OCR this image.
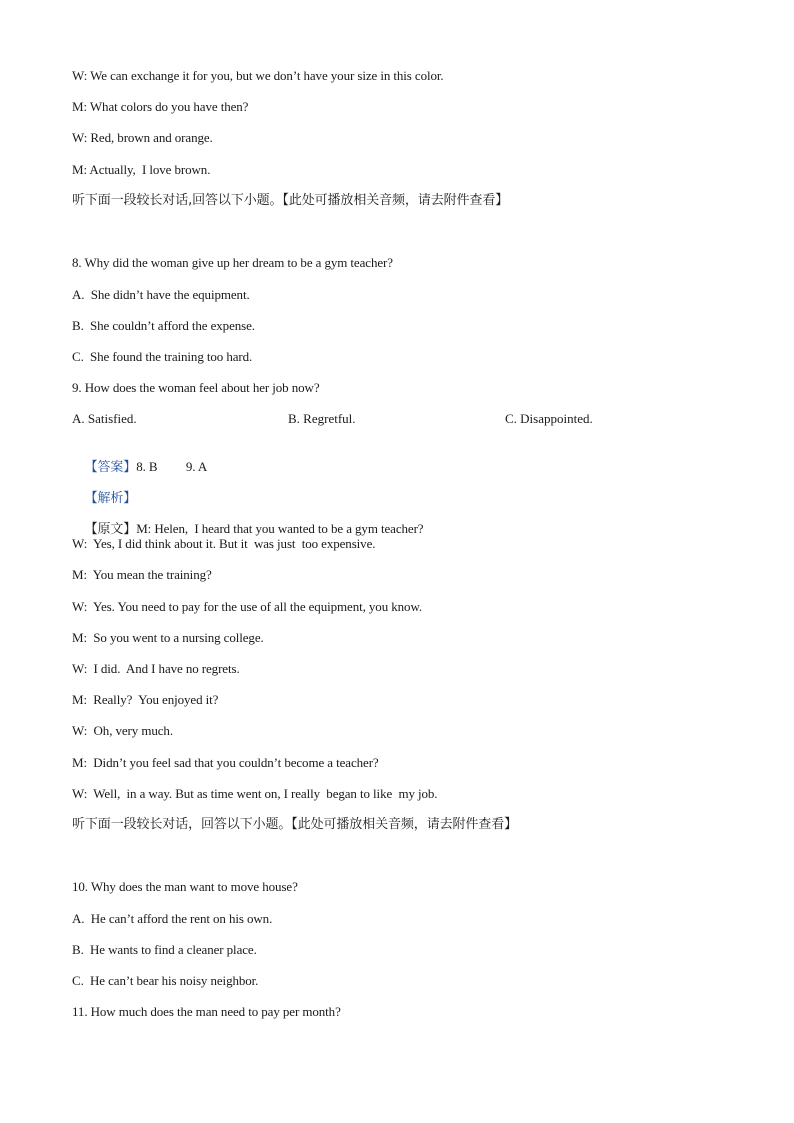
W: We can exchange it for you, but we don’t have your size in this color.
M: What colors do you have then?
W: Red, brown and orange.
M: Actually,  I love brown.
听下面一段较长对话,回答以下小题。【此处可播放相关音频，请去附件查看】
8. Why did the woman give up her dream to be a gym teacher?
A.  She didn’t have the equipment.
B.  She couldn’t afford the expense.
C.  She found the training too hard.
9. How does the woman feel about her job now?
A. Satisfied.	B. Regretful.	C. Disappointed.

【答案】8. B         9. A

【解析】

【原文】M: Helen,  I heard that you wanted to be a gym teacher?

W:  Yes, I did think about it. But it  was just  too expensive.
M:  You mean the training?
W:  Yes. You need to pay for the use of all the equipment, you know.
M:  So you went to a nursing college.
W:  I did.  And I have no regrets.
M:  Really?  You enjoyed it?
W:  Oh, very much.
M:  Didn’t you feel sad that you couldn’t become a teacher?
W:  Well,  in a way. But as time went on, I really  began to like  my job.
听下面一段较长对话，回答以下小题。【此处可播放相关音频，请去附件查看】
10. Why does the man want to move house?
A.  He can’t afford the rent on his own.
B.  He wants to find a cleaner place.
C.  He can’t bear his noisy neighbor.
11. How much does the man need to pay per month?
